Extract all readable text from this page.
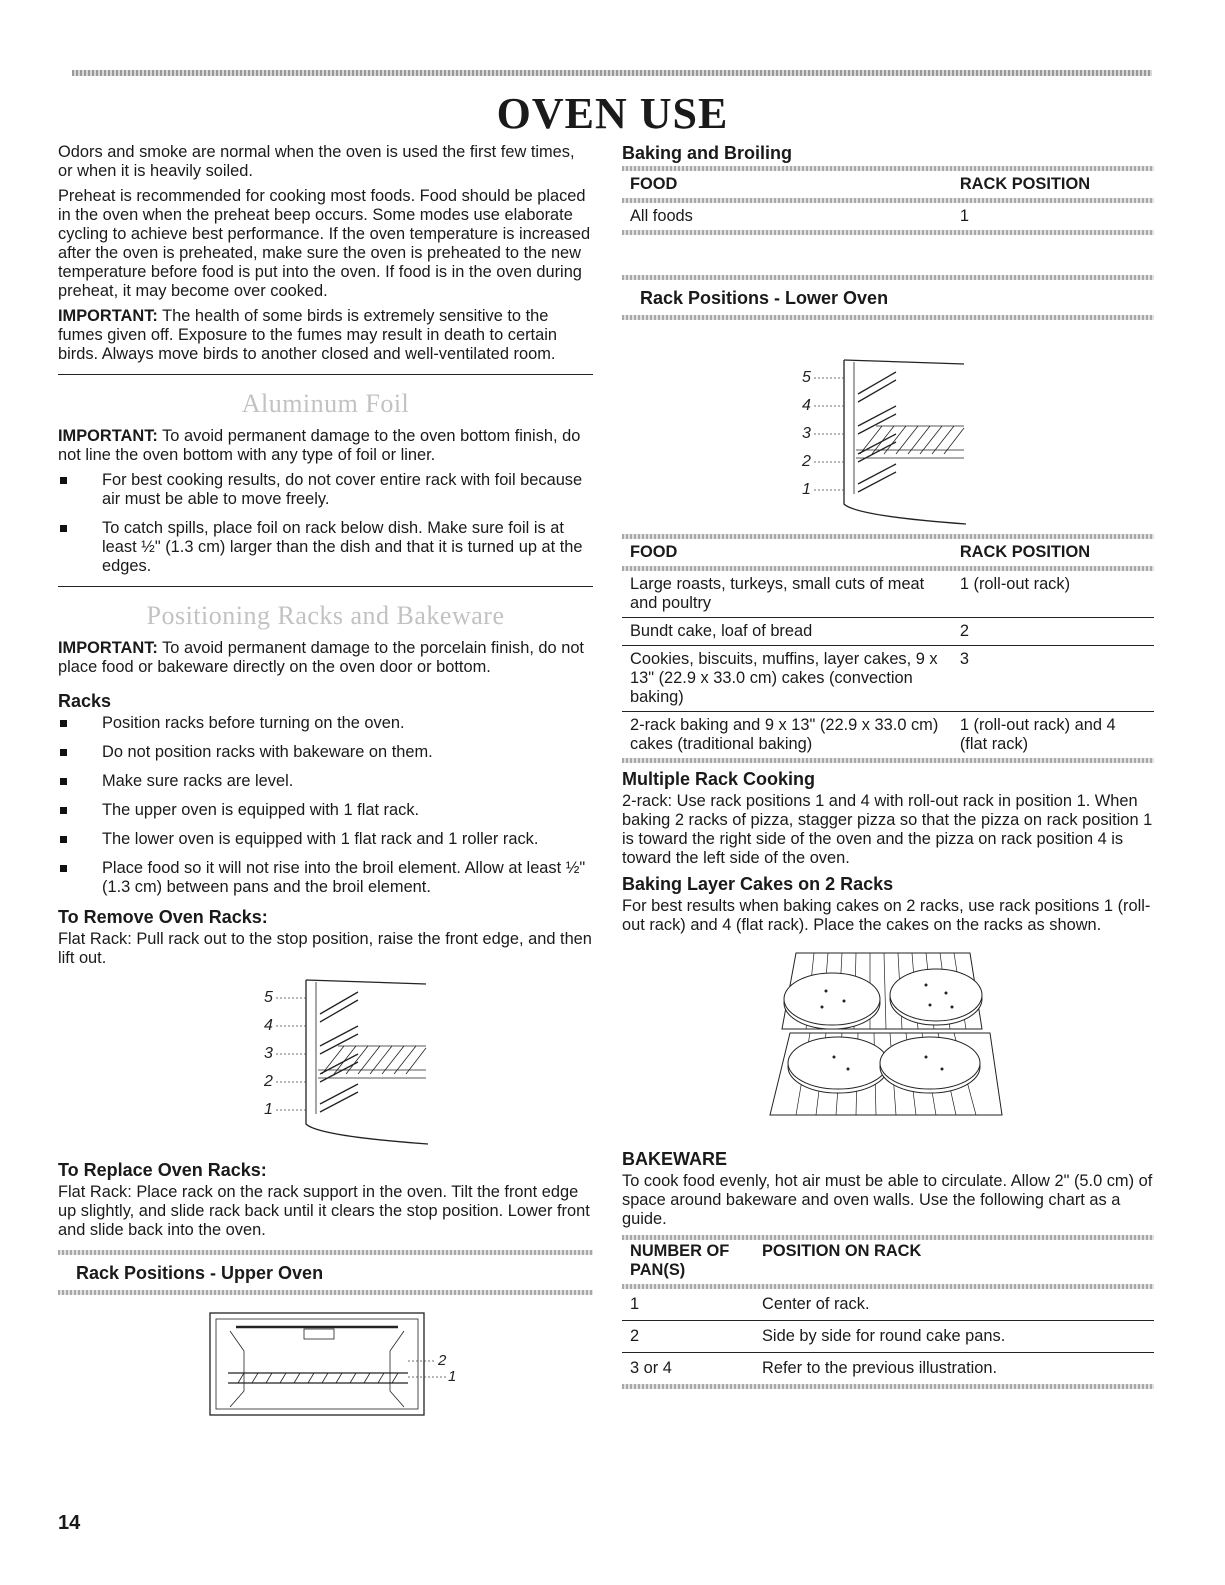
OVEN USE

Odors and smoke are normal when the oven is used the first few times, or when it is heavily soiled.

Preheat is recommended for cooking most foods. Food should be placed in the oven when the preheat beep occurs. Some modes use elaborate cycling to achieve best performance. If the oven temperature is increased after the oven is preheated, make sure the oven is preheated to the new temperature before food is put into the oven. If food is in the oven during preheat, it may become over cooked.

IMPORTANT: The health of some birds is extremely sensitive to the fumes given off. Exposure to the fumes may result in death to certain birds. Always move birds to another closed and well-ventilated room.

Aluminum Foil

IMPORTANT: To avoid permanent damage to the oven bottom finish, do not line the oven bottom with any type of foil or liner.

For best cooking results, do not cover entire rack with foil because air must be able to move freely.
To catch spills, place foil on rack below dish. Make sure foil is at least ½" (1.3 cm) larger than the dish and that it is turned up at the edges.
Positioning Racks and Bakeware

IMPORTANT: To avoid permanent damage to the porcelain finish, do not place food or bakeware directly on the oven door or bottom.

Racks
Position racks before turning on the oven.
Do not position racks with bakeware on them.
Make sure racks are level.
The upper oven is equipped with 1 flat rack.
The lower oven is equipped with 1 flat rack and 1 roller rack.
Place food so it will not rise into the broil element. Allow at least ½" (1.3 cm) between pans and the broil element.
To Remove Oven Racks:

Flat Rack: Pull rack out to the stop position, raise the front edge, and then lift out.

5
4
3
2
1
To Replace Oven Racks:

Flat Rack: Place rack on the rack support in the oven. Tilt the front edge up slightly, and slide rack back until it clears the stop position. Lower front and slide back into the oven.

Rack Positions - Upper Oven
2
1
Baking and Broiling
FOOD	RACK POSITION
All foods	1
Rack Positions - Lower Oven
5
4
3
2
1
FOOD	RACK POSITION
Large roasts, turkeys, small cuts of meat and poultry	1 (roll-out rack)
Bundt cake, loaf of bread	2
Cookies, biscuits, muffins, layer cakes, 9 x 13" (22.9 x 33.0 cm) cakes (convection baking)	3
2-rack baking and 9 x 13" (22.9 x 33.0 cm) cakes (traditional baking)	1 (roll-out rack) and 4 (flat rack)
Multiple Rack Cooking

2-rack: Use rack positions 1 and 4 with roll-out rack in position 1. When baking 2 racks of pizza, stagger pizza so that the pizza on rack position 1 is toward the right side of the oven and the pizza on rack position 4 is toward the left side of the oven.

Baking Layer Cakes on 2 Racks

For best results when baking cakes on 2 racks, use rack positions 1 (roll-out rack) and 4 (flat rack). Place the cakes on the racks as shown.

BAKEWARE

To cook food evenly, hot air must be able to circulate. Allow 2" (5.0 cm) of space around bakeware and oven walls. Use the following chart as a guide.

NUMBER OF PAN(S)	POSITION ON RACK
1	Center of rack.
2	Side by side for round cake pans.
3 or 4	Refer to the previous illustration.
14
